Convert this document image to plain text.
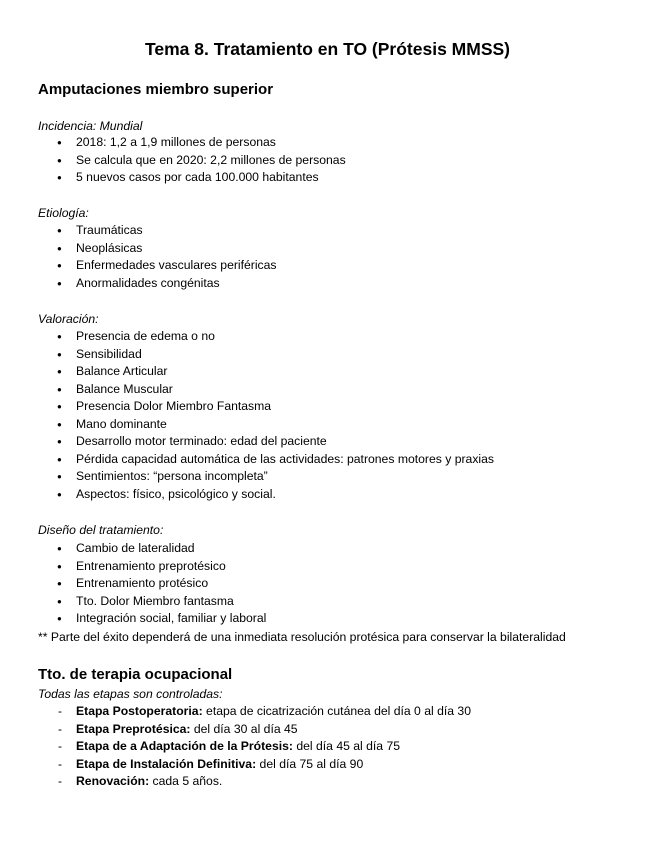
Tema 8. Tratamiento en TO (Prótesis MMSS)
Amputaciones miembro superior

Incidencia: Mundial

● 2018: 1,2 a 1,9 millones de personas
● Se calcula que en 2020: 2,2 millones de personas
● 5 nuevos casos por cada 100.000 habitantes

Etiología:

● Traumáticas
● Neoplásicas
● Enfermedades vasculares periféricas
● Anormalidades congénitas

Valoración:

● Presencia de edema o no
● Sensibilidad
● Balance Articular
● Balance Muscular
● Presencia Dolor Miembro Fantasma
● Mano dominante
● Desarrollo motor terminado: edad del paciente
● Pérdida capacidad automática de las actividades: patrones motores y praxias
● Sentimientos: “persona incompleta”
● Aspectos: físico, psicológico y social.

Diseño del tratamiento:

● Cambio de lateralidad
● Entrenamiento preprotésico
● Entrenamiento protésico
● Tto. Dolor Miembro fantasma
● Integración social, familiar y laboral

** Parte del éxito dependerá de una inmediata resolución protésica para conservar la bilateralidad

Tto. de terapia ocupacional

Todas las etapas son controladas:

- Etapa Postoperatoria: etapa de cicatrización cutánea del día 0 al día 30
- Etapa Preprotésica: del día 30 al día 45
- Etapa de a Adaptación de la Prótesis: del día 45 al día 75
- Etapa de Instalación Definitiva: del día 75 al día 90
- Renovación: cada 5 años.
